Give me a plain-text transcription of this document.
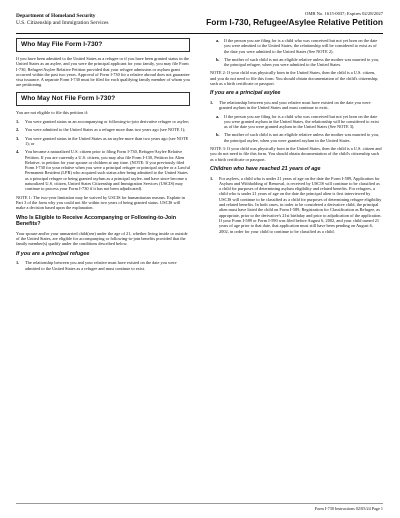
Department of Homeland Security
U.S. Citizenship and Immigration Services
OMB No. 1615-0037; Expires 02/28/2027
Form I-730, Refugee/Asylee Relative Petition
Who May File Form I-730?

If you have been admitted to the United States as a refugee or if you have been granted status in the United States as an asylee, and you were the principal applicant for your family, you may file Form I-730, Refugee/Asylee Relative Petition provided that your refugee admission or asylum grant occurred within the past two years. Approval of Form I-730 for a relative abroad does not guarantee visa issuance. A separate Form I-730 must be filed for each qualifying family member of whom you are petitioning.

Who May Not File Form I-730?

You are not eligible to file this petition if:

1.	You were granted status as an accompanying or following-to-join derivative refugee or asylee;
2.	You were admitted to the United States as a refugee more than two years ago (see NOTE 1);
3.	You were granted status in the United States as an asylee more than two years ago (see NOTE 1); or
4.	You became a naturalized U.S. citizen prior to filing Form I-730, Refugee/Asylee Relative Petition. If you are currently a U.S. citizen, you may also file Form I-130, Petition for Alien Relative, to petition for your spouse or children at any time. (NOTE: If you previously filed Form I-730 for your relative when you were a principal refugee or principal asylee or a Lawful Permanent Resident (LPR) who acquired such status after being admitted to the United States as a principal refugee or being granted asylum as a principal asylee, and have since become a naturalized U.S. citizen, United States Citizenship and Immigration Services (USCIS) may continue to process your Form I-730 if it has not been adjudicated).

NOTE 1: The two-year limitation may be waived by USCIS for humanitarian reasons. Explain in Part 3 of the form why you could not file within two years of being granted status. USCIS will make a decision based upon the explanation.

Who Is Eligible to Receive Accompanying or Following-to-Join Benefits?

Your spouse and/or your unmarried child(ren) under the age of 21, whether living inside or outside of the United States, are eligible for accompanying or following-to-join benefits provided that the family member(s) qualify under the conditions described below.

If you are a principal refugee
1.	The relationship between you and your relative must have existed on the date you were admitted to the United States as a refugee and must continue to exist.
a.	If the person you are filing for is a child who was conceived but not yet born on the date you were admitted to the United States, the relationship will be considered to exist as of the date you were admitted to the United States (See NOTE 2).
b.	The mother of such child is not an eligible relative unless the mother was married to you, the principal refugee, when you were admitted to the United States.

NOTE 2: If your child was physically born in the United States, then the child is a U.S. citizen, and you do not need to file this form. You should obtain documentation of the child's citizenship, such as a birth certificate or passport.

If you are a principal asylee
1.	The relationship between you and your relative must have existed on the date you were granted asylum in the United States and must continue to exist.
a.	If the person you are filing for is a child who was conceived but not yet born on the date you were granted asylum in the United States, the relationship will be considered to exist as of the date you were granted asylum in the United States (See NOTE 3).
b.	The mother of such child is not an eligible relative unless the mother was married to you, the principal asylee, when you were granted asylum in the United States.

NOTE 3: If your child was physically born in the United States, then the child is a U.S. citizen and you do not need to file this form. You should obtain documentation of the child's citizenship such as a birth certificate or passport.

Children who have reached 21 years of age
1.	For asylees, a child who is under 21 years of age on the date the Form I-589, Application for Asylum and Withholding of Removal, is received by USCIS will continue to be classified as a child for purposes of determining asylum eligibility and related benefits. For refugees, a child who is under 21 years of age on the date the principal alien is first interviewed by USCIS will continue to be classified as a child for purposes of determining refugee eligibility and related benefits. In both cases, in order to be considered a derivative child, the principal alien must have listed the child on Form I-589, Registration for Classification as Refugee, as appropriate, prior to the derivative's 21st birthday and prior to adjudication of the application. If your Form I-589 or Form I-590 was filed before August 6, 2002, and your child turned 21 years of age prior to that date, that application must still have been pending on August 6, 2002, in order for your child to continue to be classified as a child.
Form I-730 Instructions 02/05/24 Page 1
